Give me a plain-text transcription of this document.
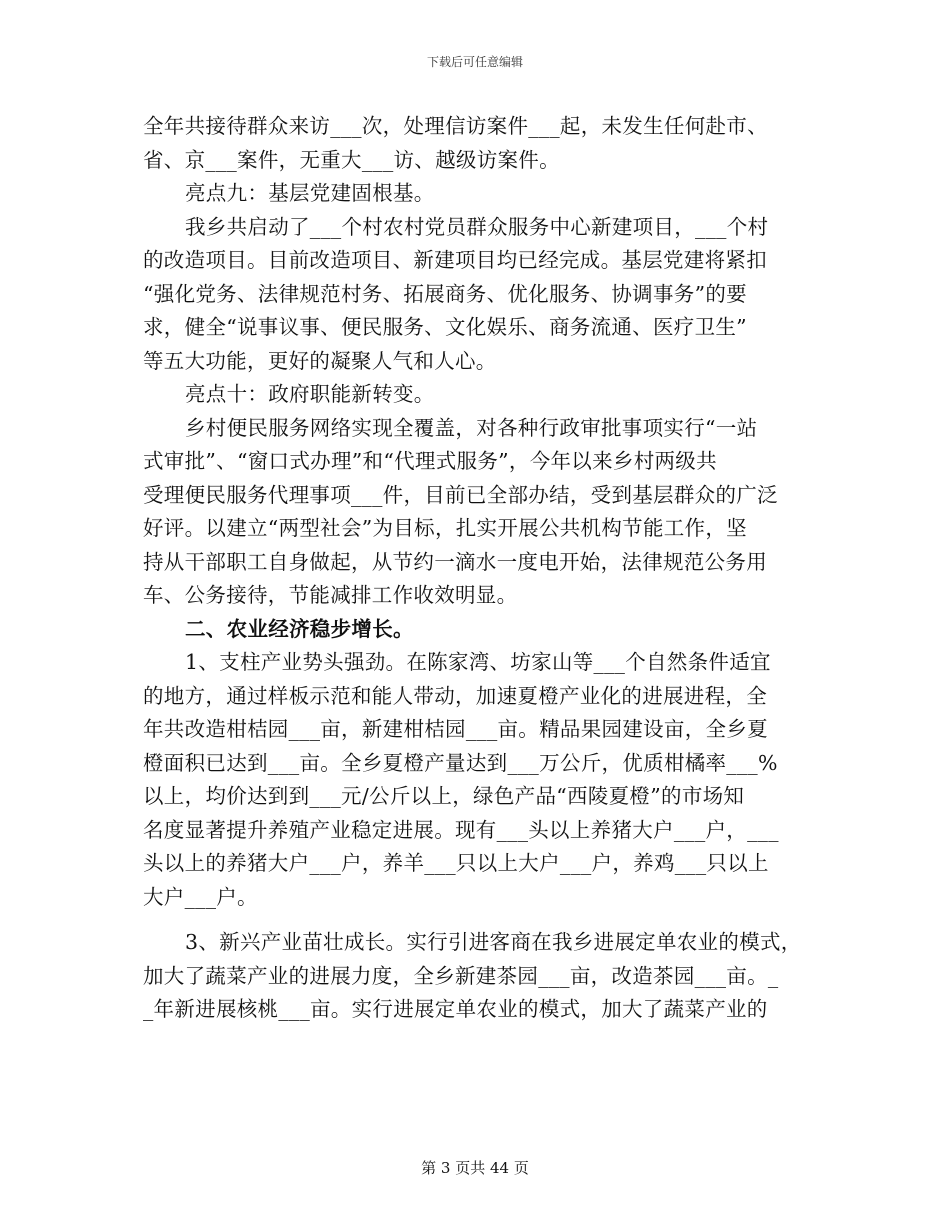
下载后可任意编辑
全年共接待群众来访___次，处理信访案件___起，未发生任何赴市、
省、京___案件，无重大___访、越级访案件。
亮点九：基层党建固根基。
我乡共启动了___个村农村党员群众服务中心新建项目，___个村
的改造项目。目前改造项目、新建项目均已经完成。基层党建将紧扣
“强化党务、法律规范村务、拓展商务、优化服务、协调事务”的要
求，健全“说事议事、便民服务、文化娱乐、商务流通、医疗卫生”
等五大功能，更好的凝聚人气和人心。
亮点十：政府职能新转变。
乡村便民服务网络实现全覆盖，对各种行政审批事项实行“一站
式审批”、“窗口式办理”和“代理式服务”，今年以来乡村两级共
受理便民服务代理事项___件，目前已全部办结，受到基层群众的广泛
好评。以建立“两型社会”为目标，扎实开展公共机构节能工作，坚
持从干部职工自身做起，从节约一滴水一度电开始，法律规范公务用
车、公务接待，节能减排工作收效明显。
二、农业经济稳步增长。
1、支柱产业势头强劲。在陈家湾、坊家山等___个自然条件适宜
的地方，通过样板示范和能人带动，加速夏橙产业化的进展进程，全
年共改造柑桔园___亩，新建柑桔园___亩。精品果园建设亩，全乡夏
橙面积已达到___亩。全乡夏橙产量达到___万公斤，优质柑橘率___%
以上，均价达到到___元/公斤以上，绿色产品“西陵夏橙”的市场知
名度显著提升养殖产业稳定进展。现有___头以上养猪大户___户，___
头以上的养猪大户___户，养羊___只以上大户___户，养鸡___只以上
大户___户。
3、新兴产业苗壮成长。实行引进客商在我乡进展定单农业的模式，
加大了蔬菜产业的进展力度，全乡新建茶园___亩，改造茶园___亩。_
_年新进展核桃___亩。实行进展定单农业的模式，加大了蔬菜产业的
第 3 页共 44 页
